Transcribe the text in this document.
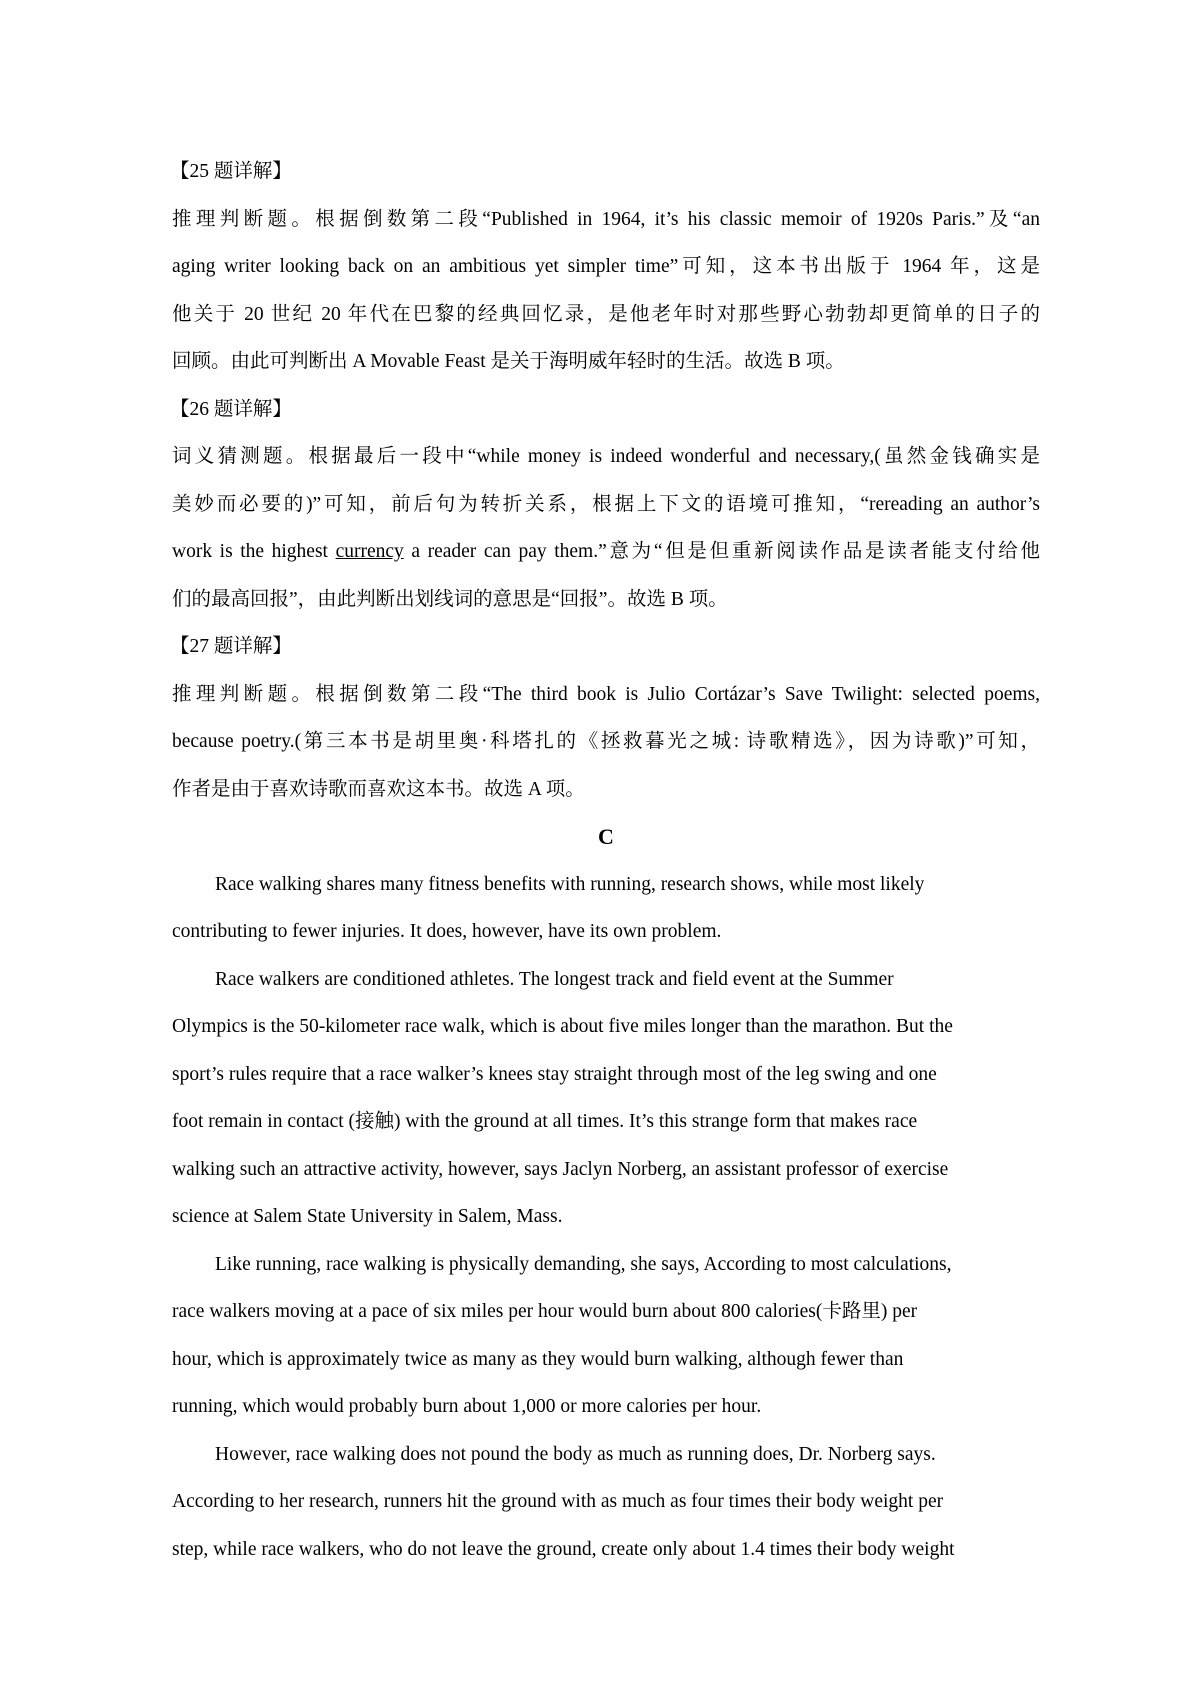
【25 题详解】

推理判断题。根据倒数第二段“Published in 1964, it’s his classic memoir of 1920s Paris.”及“an

aging writer looking back on an ambitious yet simpler time”可知，这本书出版于 1964 年，这是

他关于 20 世纪 20 年代在巴黎的经典回忆录，是他老年时对那些野心勃勃却更简单的日子的

回顾。由此可判断出 A Movable Feast 是关于海明威年轻时的生活。故选 B 项。

【26 题详解】

词义猜测题。根据最后一段中“while money is indeed wonderful and necessary,(虽然金钱确实是

美妙而必要的)”可知，前后句为转折关系，根据上下文的语境可推知，“rereading an author’s

work is the highest currency a reader can pay them.”意为“但是但重新阅读作品是读者能支付给他

们的最高回报”，由此判断出划线词的意思是“回报”。故选 B 项。

【27 题详解】

推理判断题。根据倒数第二段“The third book is Julio Cortázar’s Save Twilight: selected poems,

because poetry.(第三本书是胡里奥·科塔扎的《拯救暮光之城: 诗歌精选》，因为诗歌)”可知，

作者是由于喜欢诗歌而喜欢这本书。故选 A 项。

C

Race walking shares many fitness benefits with running, research shows, while most likely

contributing to fewer injuries. It does, however, have its own problem.

Race walkers are conditioned athletes. The longest track and field event at the Summer

Olympics is the 50-kilometer race walk, which is about five miles longer than the marathon. But the

sport’s rules require that a race walker’s knees stay straight through most of the leg swing and one

foot remain in contact (接触) with the ground at all times. It’s this strange form that makes race

walking such an attractive activity, however, says Jaclyn Norberg, an assistant professor of exercise

science at Salem State University in Salem, Mass.

Like running, race walking is physically demanding, she says, According to most calculations,

race walkers moving at a pace of six miles per hour would burn about 800 calories(卡路里) per

hour, which is approximately twice as many as they would burn walking, although fewer than

running, which would probably burn about 1,000 or more calories per hour.

However, race walking does not pound the body as much as running does, Dr. Norberg says.

According to her research, runners hit the ground with as much as four times their body weight per

step, while race walkers, who do not leave the ground, create only about 1.4 times their body weight
